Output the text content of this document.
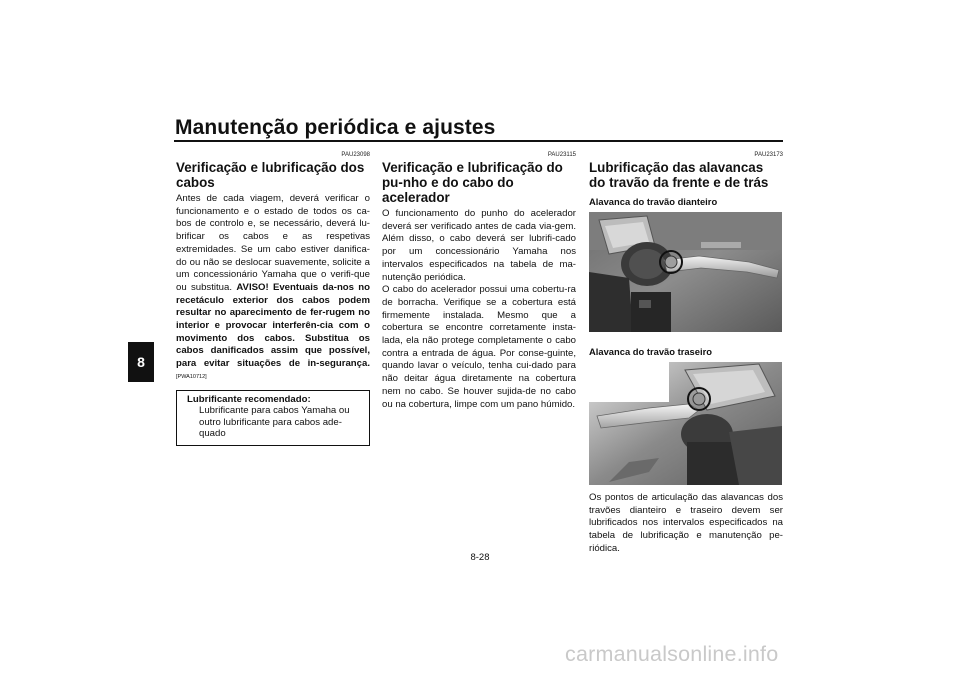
Manutenção periódica e ajustes
8
PAU23098
Verificação e lubrificação dos cabos

Antes de cada viagem, deverá verificar o funcionamento e o estado de todos os ca-bos de controlo e, se necessário, deverá lu-brificar os cabos e as respetivas extremidades. Se um cabo estiver danifica-do ou não se deslocar suavemente, solicite a um concessionário Yamaha que o verifi-que ou substitua. AVISO! Eventuais da-nos no recetáculo exterior dos cabos podem resultar no aparecimento de fer-rugem no interior e provocar interferên-cia com o movimento dos cabos. Substitua os cabos danificados assim que possível, para evitar situações de in-segurança. [PWA10712]

Lubrificante recomendado:
Lubrificante para cabos Yamaha ou outro lubrificante para cabos ade-quado
PAU23115
Verificação e lubrificação do pu-nho e do cabo do acelerador

O funcionamento do punho do acelerador deverá ser verificado antes de cada via-gem. Além disso, o cabo deverá ser lubrifi-cado por um concessionário Yamaha nos intervalos especificados na tabela de ma-nutenção periódica.

O cabo do acelerador possui uma cobertu-ra de borracha. Verifique se a cobertura está firmemente instalada. Mesmo que a cobertura se encontre corretamente insta-lada, ela não protege completamente o cabo contra a entrada de água. Por conse-guinte, quando lavar o veículo, tenha cui-dado para não deitar água diretamente na cobertura nem no cabo. Se houver sujida-de no cabo ou na cobertura, limpe com um pano húmido.

PAU23173
Lubrificação das alavancas do travão da frente e de trás
Alavanca do travão dianteiro
Alavanca do travão traseiro

Os pontos de articulação das alavancas dos travões dianteiro e traseiro devem ser lubrificados nos intervalos especificados na tabela de lubrificação e manutenção pe-riódica.

8-28
carmanualsonline.info
